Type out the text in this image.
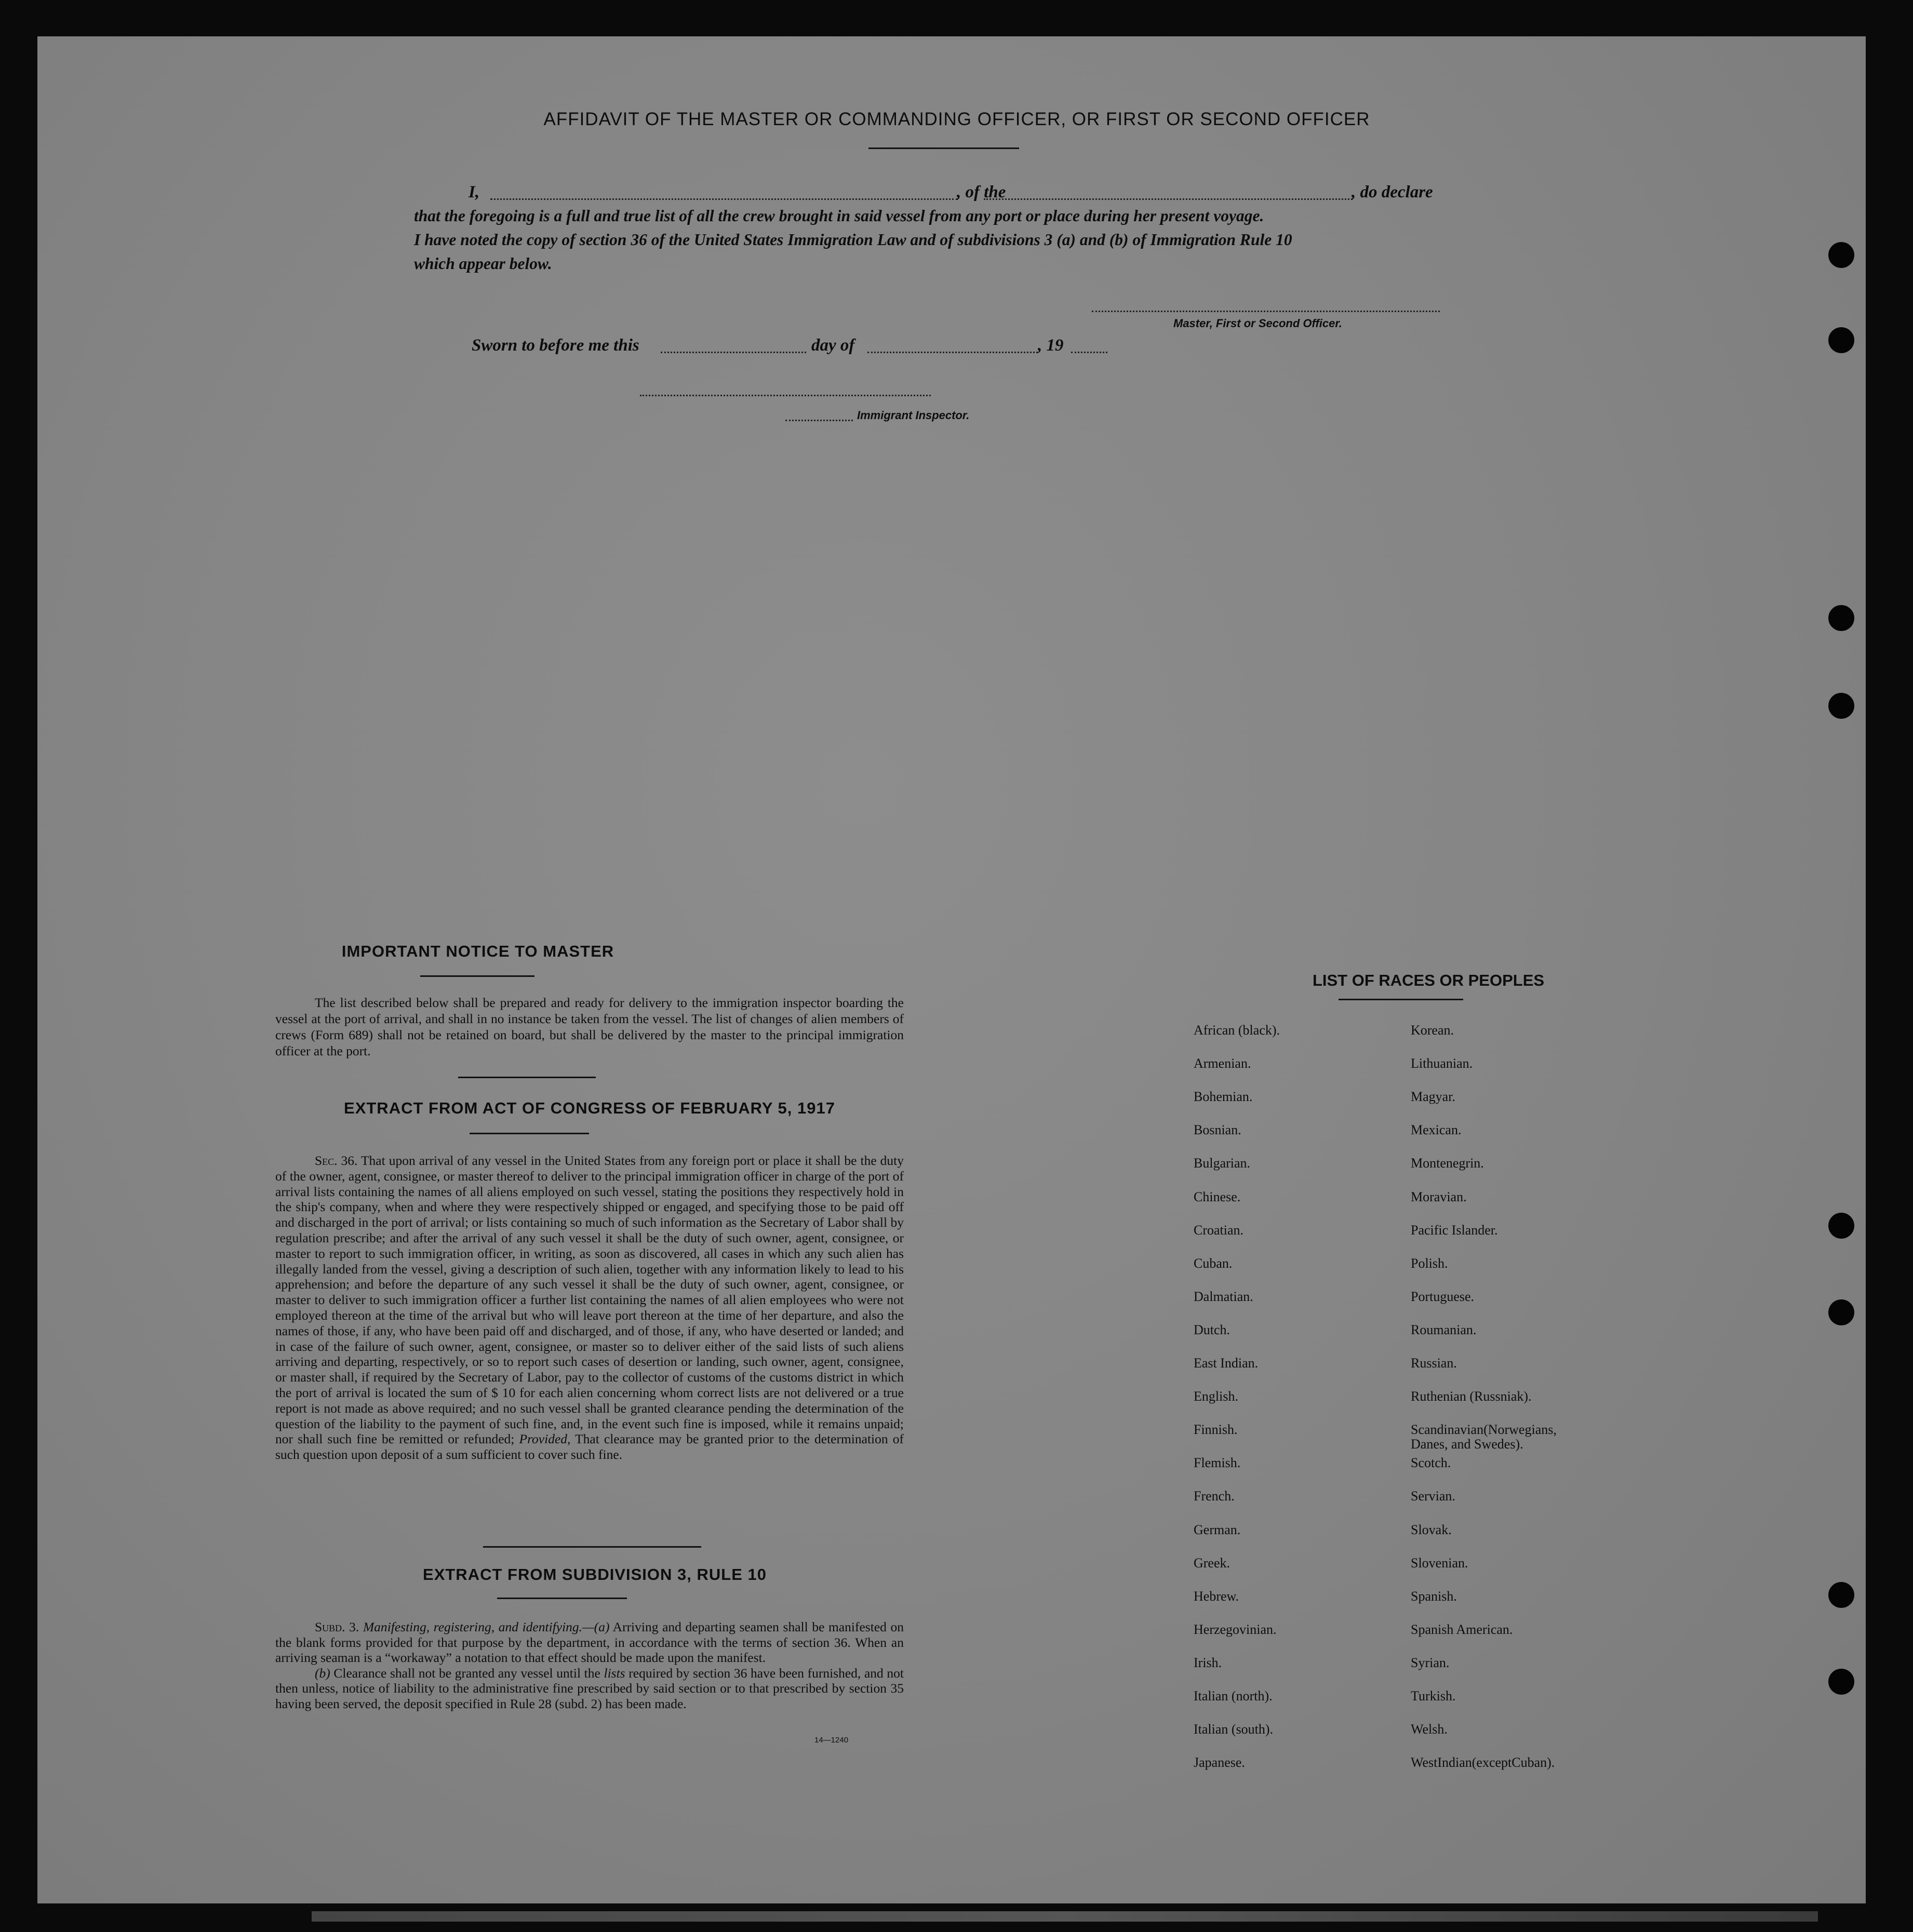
AFFIDAVIT OF THE MASTER OR COMMANDING OFFICER, OR FIRST OR SECOND OFFICER
I,	, of the	, do declare
that the foregoing is a full and true list of all the crew brought in said vessel from any port or place during her present voyage.
I have noted the copy of section 36 of the United States Immigration Law and of subdivisions 3 (a) and (b) of Immigration Rule 10
which appear below.
Master, First or Second Officer.
Sworn to before me this	day of	, 19
Immigrant Inspector.
IMPORTANT NOTICE TO MASTER

The list described below shall be prepared and ready for delivery to the immigration inspector boarding the vessel at the port of arrival, and shall in no instance be taken from the vessel. The list of changes of alien members of crews (Form 689) shall not be retained on board, but shall be delivered by the master to the principal immigration officer at the port.

EXTRACT FROM ACT OF CONGRESS OF FEBRUARY 5, 1917

Sec. 36. That upon arrival of any vessel in the United States from any foreign port or place it shall be the duty of the owner, agent, consignee, or master thereof to deliver to the principal immigration officer in charge of the port of arrival lists containing the names of all aliens employed on such vessel, stating the positions they respectively hold in the ship's company, when and where they were respectively shipped or engaged, and specifying those to be paid off and discharged in the port of arrival; or lists containing so much of such information as the Secretary of Labor shall by regulation prescribe; and after the arrival of any such vessel it shall be the duty of such owner, agent, consignee, or master to report to such immigration officer, in writing, as soon as discovered, all cases in which any such alien has illegally landed from the vessel, giving a description of such alien, together with any information likely to lead to his apprehension; and before the departure of any such vessel it shall be the duty of such owner, agent, consignee, or master to deliver to such immigration officer a further list containing the names of all alien employees who were not employed thereon at the time of the arrival but who will leave port thereon at the time of her departure, and also the names of those, if any, who have been paid off and discharged, and of those, if any, who have deserted or landed; and in case of the failure of such owner, agent, consignee, or master so to deliver either of the said lists of such aliens arriving and departing, respectively, or so to report such cases of desertion or landing, such owner, agent, consignee, or master shall, if required by the Secretary of Labor, pay to the collector of customs of the customs district in which the port of arrival is located the sum of $ 10 for each alien concerning whom correct lists are not delivered or a true report is not made as above required; and no such vessel shall be granted clearance pending the determination of the question of the liability to the payment of such fine, and, in the event such fine is imposed, while it remains unpaid; nor shall such fine be remitted or refunded; Provided, That clearance may be granted prior to the determination of such question upon deposit of a sum sufficient to cover such fine.

EXTRACT FROM SUBDIVISION 3, RULE 10

Subd. 3. Manifesting, registering, and identifying.—(a) Arriving and departing seamen shall be manifested on the blank forms provided for that purpose by the department, in accordance with the terms of section 36. When an arriving seaman is a “workaway” a notation to that effect should be made upon the manifest.

(b) Clearance shall not be granted any vessel until the lists required by section 36 have been furnished, and not then unless, notice of liability to the administrative fine prescribed by said section or to that prescribed by section 35 having been served, the deposit specified in Rule 28 (subd. 2) has been made.

14—1240
LIST OF RACES OR PEOPLES
African (black).
Armenian.
Bohemian.
Bosnian.
Bulgarian.
Chinese.
Croatian.
Cuban.
Dalmatian.
Dutch.
East Indian.
English.
Finnish.
Flemish.
French.
German.
Greek.
Hebrew.
Herzegovinian.
Irish.
Italian (north).
Italian (south).
Japanese.
Korean.
Lithuanian.
Magyar.
Mexican.
Montenegrin.
Moravian.
Pacific Islander.
Polish.
Portuguese.
Roumanian.
Russian.
Ruthenian (Russniak).
Scandinavian(Norwegians,
Danes, and Swedes).
Scotch.
Servian.
Slovak.
Slovenian.
Spanish.
Spanish American.
Syrian.
Turkish.
Welsh.
WestIndian(exceptCuban).
